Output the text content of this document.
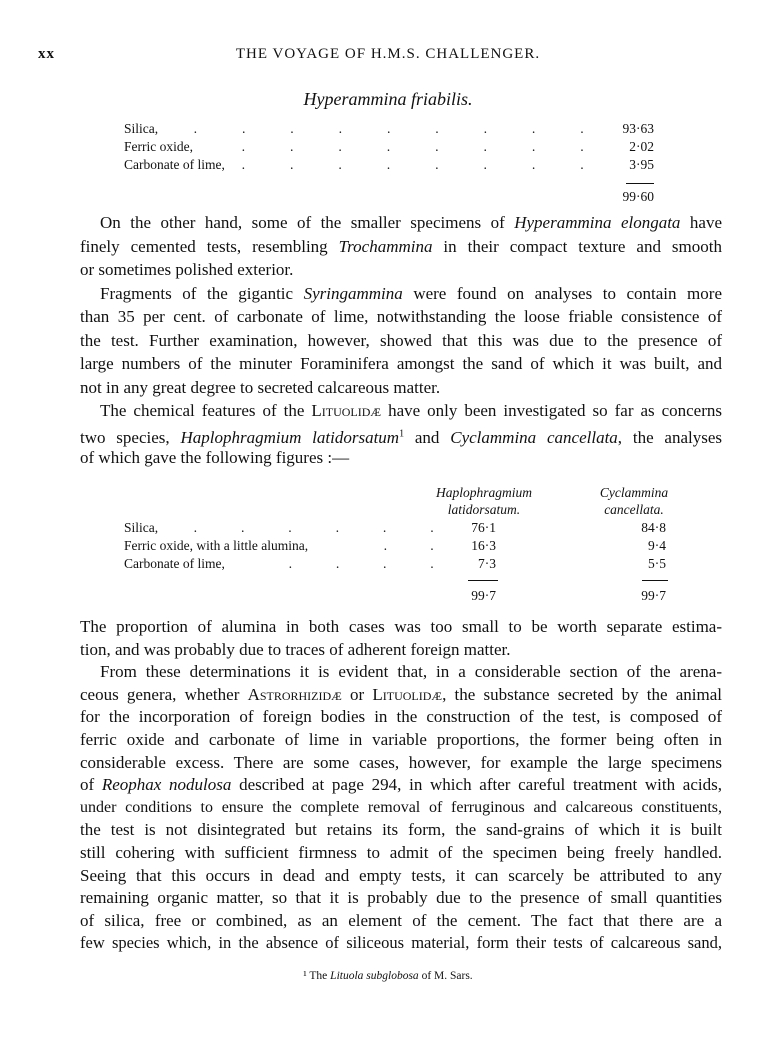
xx	THE VOYAGE OF H.M.S. CHALLENGER.
Hyperammina friabilis.
Silica,	.	.	.	.	.	.	.	.	.	93·63
Ferric oxide,	.	.	.	.	.	.	.	.	2·02
Carbonate of lime, .	.	.	.	.	.	.	.	3·95
99·60
On the other hand, some of the smaller specimens of Hyperammina elongata have
finely cemented tests, resembling Trochammina in their compact texture and smooth
or sometimes polished exterior.
Fragments of the gigantic Syringammina were found on analyses to contain more
than 35 per cent. of carbonate of lime, notwithstanding the loose friable consistence of
the test. Further examination, however, showed that this was due to the presence of
large numbers of the minuter Foraminifera amongst the sand of which it was built, and
not in any great degree to secreted calcareous matter.
The chemical features of the Lituolidæ have only been investigated so far as concerns
two species, Haplophragmium latidorsatum$^1$ and Cyclammina cancellata, the analyses
of which gave the following figures :—
Haplophragmium
latidorsatum.
Cyclammina
cancellata.
Silica,	.	.	.	.	.	.	76·1	84·8
Ferric oxide, with a little alumina,	.	.	16·3	9·4
Carbonate of lime,	.	.	.	.	7·3	5·5
99·7	99·7
The proportion of alumina in both cases was too small to be worth separate estima-
tion, and was probably due to traces of adherent foreign matter.
From these determinations it is evident that, in a considerable section of the arena-
ceous genera, whether Astrorhizidæ or Lituolidæ, the substance secreted by the animal
for the incorporation of foreign bodies in the construction of the test, is composed of
ferric oxide and carbonate of lime in variable proportions, the former being often in
considerable excess. There are some cases, however, for example the large specimens
of Reophax nodulosa described at page 294, in which after careful treatment with acids,
under conditions to ensure the complete removal of ferruginous and calcareous constituents,
the test is not disintegrated but retains its form, the sand-grains of which it is built
still cohering with sufficient firmness to admit of the specimen being freely handled.
Seeing that this occurs in dead and empty tests, it can scarcely be attributed to any
remaining organic matter, so that it is probably due to the presence of small quantities
of silica, free or combined, as an element of the cement. The fact that there are a
few species which, in the absence of siliceous material, form their tests of calcareous sand,
¹ The Lituola subglobosa of M. Sars.
